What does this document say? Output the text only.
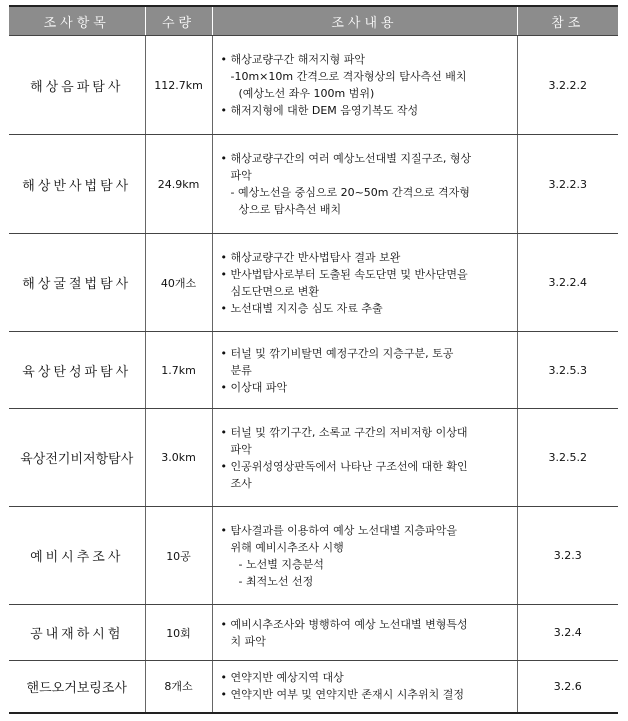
조사항목	수량	조사내용	참조
해상음파탐사	112.7km	• 해상교량구간 해저지형 파악
-10m×10m 간격으로 격자형상의 탐사측선 배치
(예상노선 좌우 100m 범위)
• 해저지형에 대한 DEM 음영기복도 작성	3.2.2.2
해상반사법탐사	24.9km	• 해상교량구간의 여러 예상노선대별 지질구조, 형상
파악
- 예상노선을 중심으로 20~50m 간격으로 격자형
상으로 탐사측선 배치	3.2.2.3
해상굴절법탐사	40개소	• 해상교량구간 반사법탐사 결과 보완
• 반사법탐사로부터 도출된 속도단면 및 반사단면을
심도단면으로 변환
• 노선대별 지지층 심도 자료 추출	3.2.2.4
육상탄성파탐사	1.7km	• 터널 및 깎기비탈면 예정구간의 지층구분, 토공
분류
• 이상대 파악	3.2.5.3
육상전기비저항탐사	3.0km	• 터널 및 깎기구간, 소록교 구간의 저비저항 이상대
파악
• 인공위성영상판독에서 나타난 구조선에 대한 확인
조사	3.2.5.2
예비시추조사	10공	• 탐사결과를 이용하여 예상 노선대별 지층파악을
위해 예비시추조사 시행
- 노선별 지층분석
- 최적노선 선정	3.2.3
공내재하시험	10회	• 예비시추조사와 병행하여 예상 노선대별 변형특성
치 파악	3.2.4
핸드오거보링조사	8개소	• 연약지반 예상지역 대상
• 연약지반 여부 및 연약지반 존재시 시추위치 결정	3.2.6
